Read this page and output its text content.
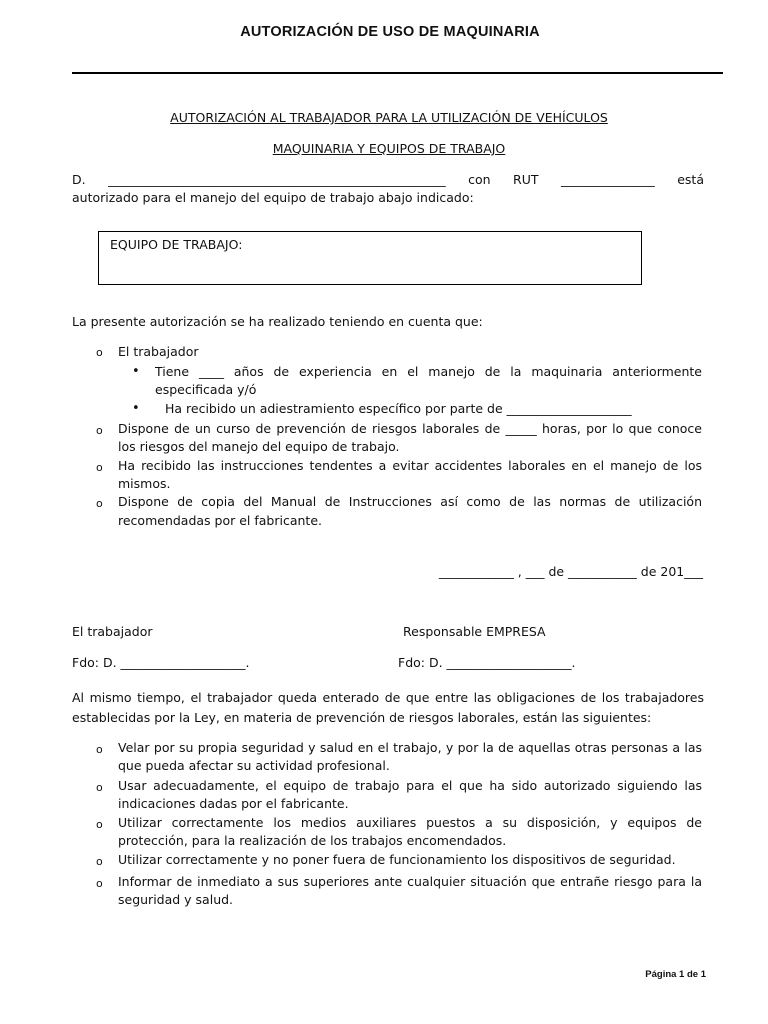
AUTORIZACIÓN DE USO DE MAQUINARIA
AUTORIZACIÓN AL TRABAJADOR PARA LA UTILIZACIÓN DE VEHÍCULOS
MAQUINARIA Y EQUIPOS DE TRABAJO
D. ______________________________________________________ con RUT _______________ está
autorizado para el manejo del equipo de trabajo abajo indicado:
EQUIPO DE TRABAJO:
La presente autorización se ha realizado teniendo en cuenta que:
o El trabajador
• Tiene ____ años de experiencia en el manejo de la maquinaria anteriormente
especificada y/ó
• Ha recibido un adiestramiento específico por parte de ____________________
o Dispone de un curso de prevención de riesgos laborales de _____ horas, por lo que conoce
los riesgos del manejo del equipo de trabajo.
o Ha recibido las instrucciones tendentes a evitar accidentes laborales en el manejo de los
mismos.
o Dispone de copia del Manual de Instrucciones así como de las normas de utilización
recomendadas por el fabricante.
____________ , ___ de ___________ de 201___
El trabajador	Responsable EMPRESA
Fdo: D. ____________________.	Fdo: D. ____________________.
Al mismo tiempo, el trabajador queda enterado de que entre las obligaciones de los trabajadores
establecidas por la Ley, en materia de prevención de riesgos laborales, están las siguientes:
o Velar por su propia seguridad y salud en el trabajo, y por la de aquellas otras personas a las
que pueda afectar su actividad profesional.
o Usar adecuadamente, el equipo de trabajo para el que ha sido autorizado siguiendo las
indicaciones dadas por el fabricante.
o Utilizar correctamente los medios auxiliares puestos a su disposición, y equipos de
protección, para la realización de los trabajos encomendados.
o Utilizar correctamente y no poner fuera de funcionamiento los dispositivos de seguridad.
o Informar de inmediato a sus superiores ante cualquier situación que entrañe riesgo para la
seguridad y salud.
Página 1 de 1
